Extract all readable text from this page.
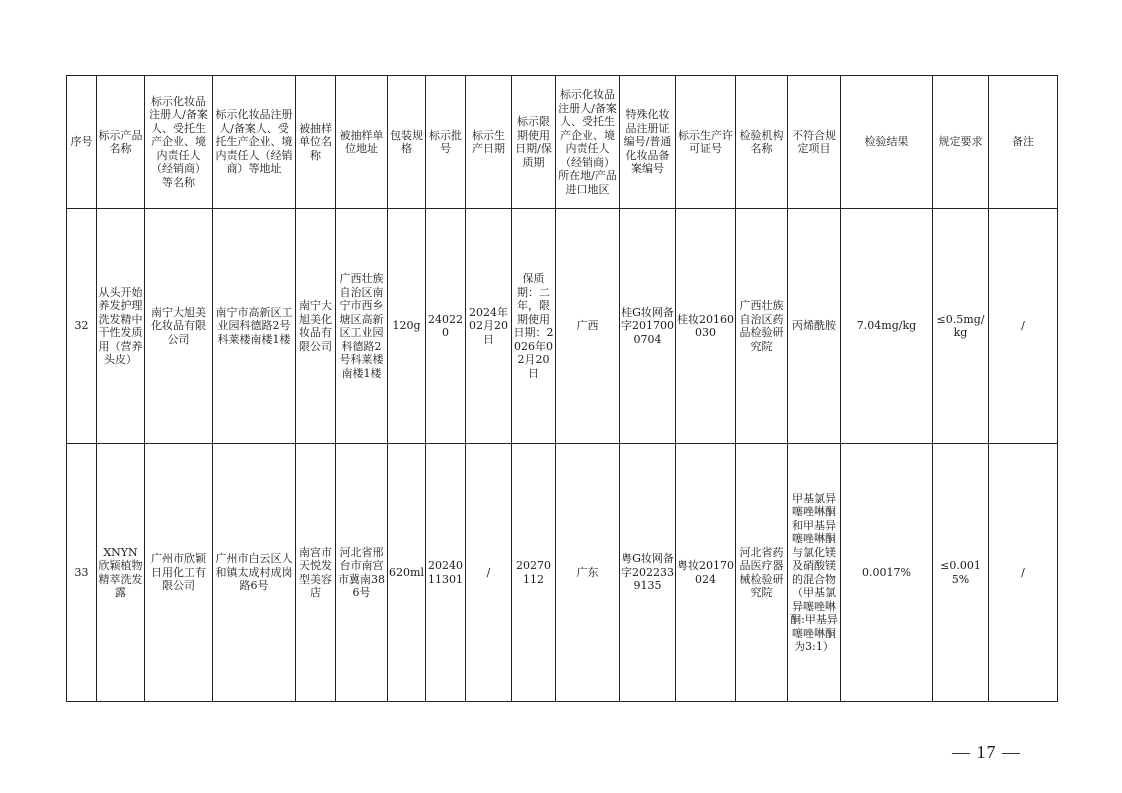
序号	标示产品名称	标示化妆品注册人/备案人、受托生产企业、境内责任人（经销商）等名称	标示化妆品注册人/备案人、受托生产企业、境内责任人（经销商）等地址	被抽样单位名称	被抽样单位地址	包装规格	标示批号	标示生产日期	标示限期使用日期/保质期	标示化妆品注册人/备案人、受托生产企业、境内责任人（经销商）所在地/产品进口地区	特殊化妆品注册证编号/普通化妆品备案编号	标示生产许可证号	检验机构名称	不符合规定项目	检验结果	规定要求	备注
32	从头开始养发护理洗发精中干性发质用（营养头皮）	南宁大旭美化妆品有限公司	南宁市高新区工业园科德路2号科莱楼南楼1楼	南宁大旭美化妆品有限公司	广西壮族自治区南宁市西乡塘区高新区工业园科德路2号科莱楼南楼1楼	120g	240220	2024年02月20日	保质期：二年，限期使用日期：2026年02月20日	广西	桂G妆网备字2017000704	桂妆20160030	广西壮族自治区药品检验研究院	丙烯酰胺	7.04mg/kg	≤0.5mg/kg	/
33	XNYN欣颖植物精萃洗发露	广州市欣颖日用化工有限公司	广州市白云区人和镇太成村成岗路6号	南宫市天悦发型美容店	河北省邢台市南宫市冀南386号	620ml	2024011301	/	20270112	广东	粤G妆网备字2022339135	粤妆20170024	河北省药品医疗器械检验研究院	甲基氯异噻唑啉酮和甲基异噻唑啉酮与氯化镁及硝酸镁的混合物（甲基氯异噻唑啉酮:甲基异噻唑啉酮为3:1）	0.0017%	≤0.0015%	/
— 17 —
